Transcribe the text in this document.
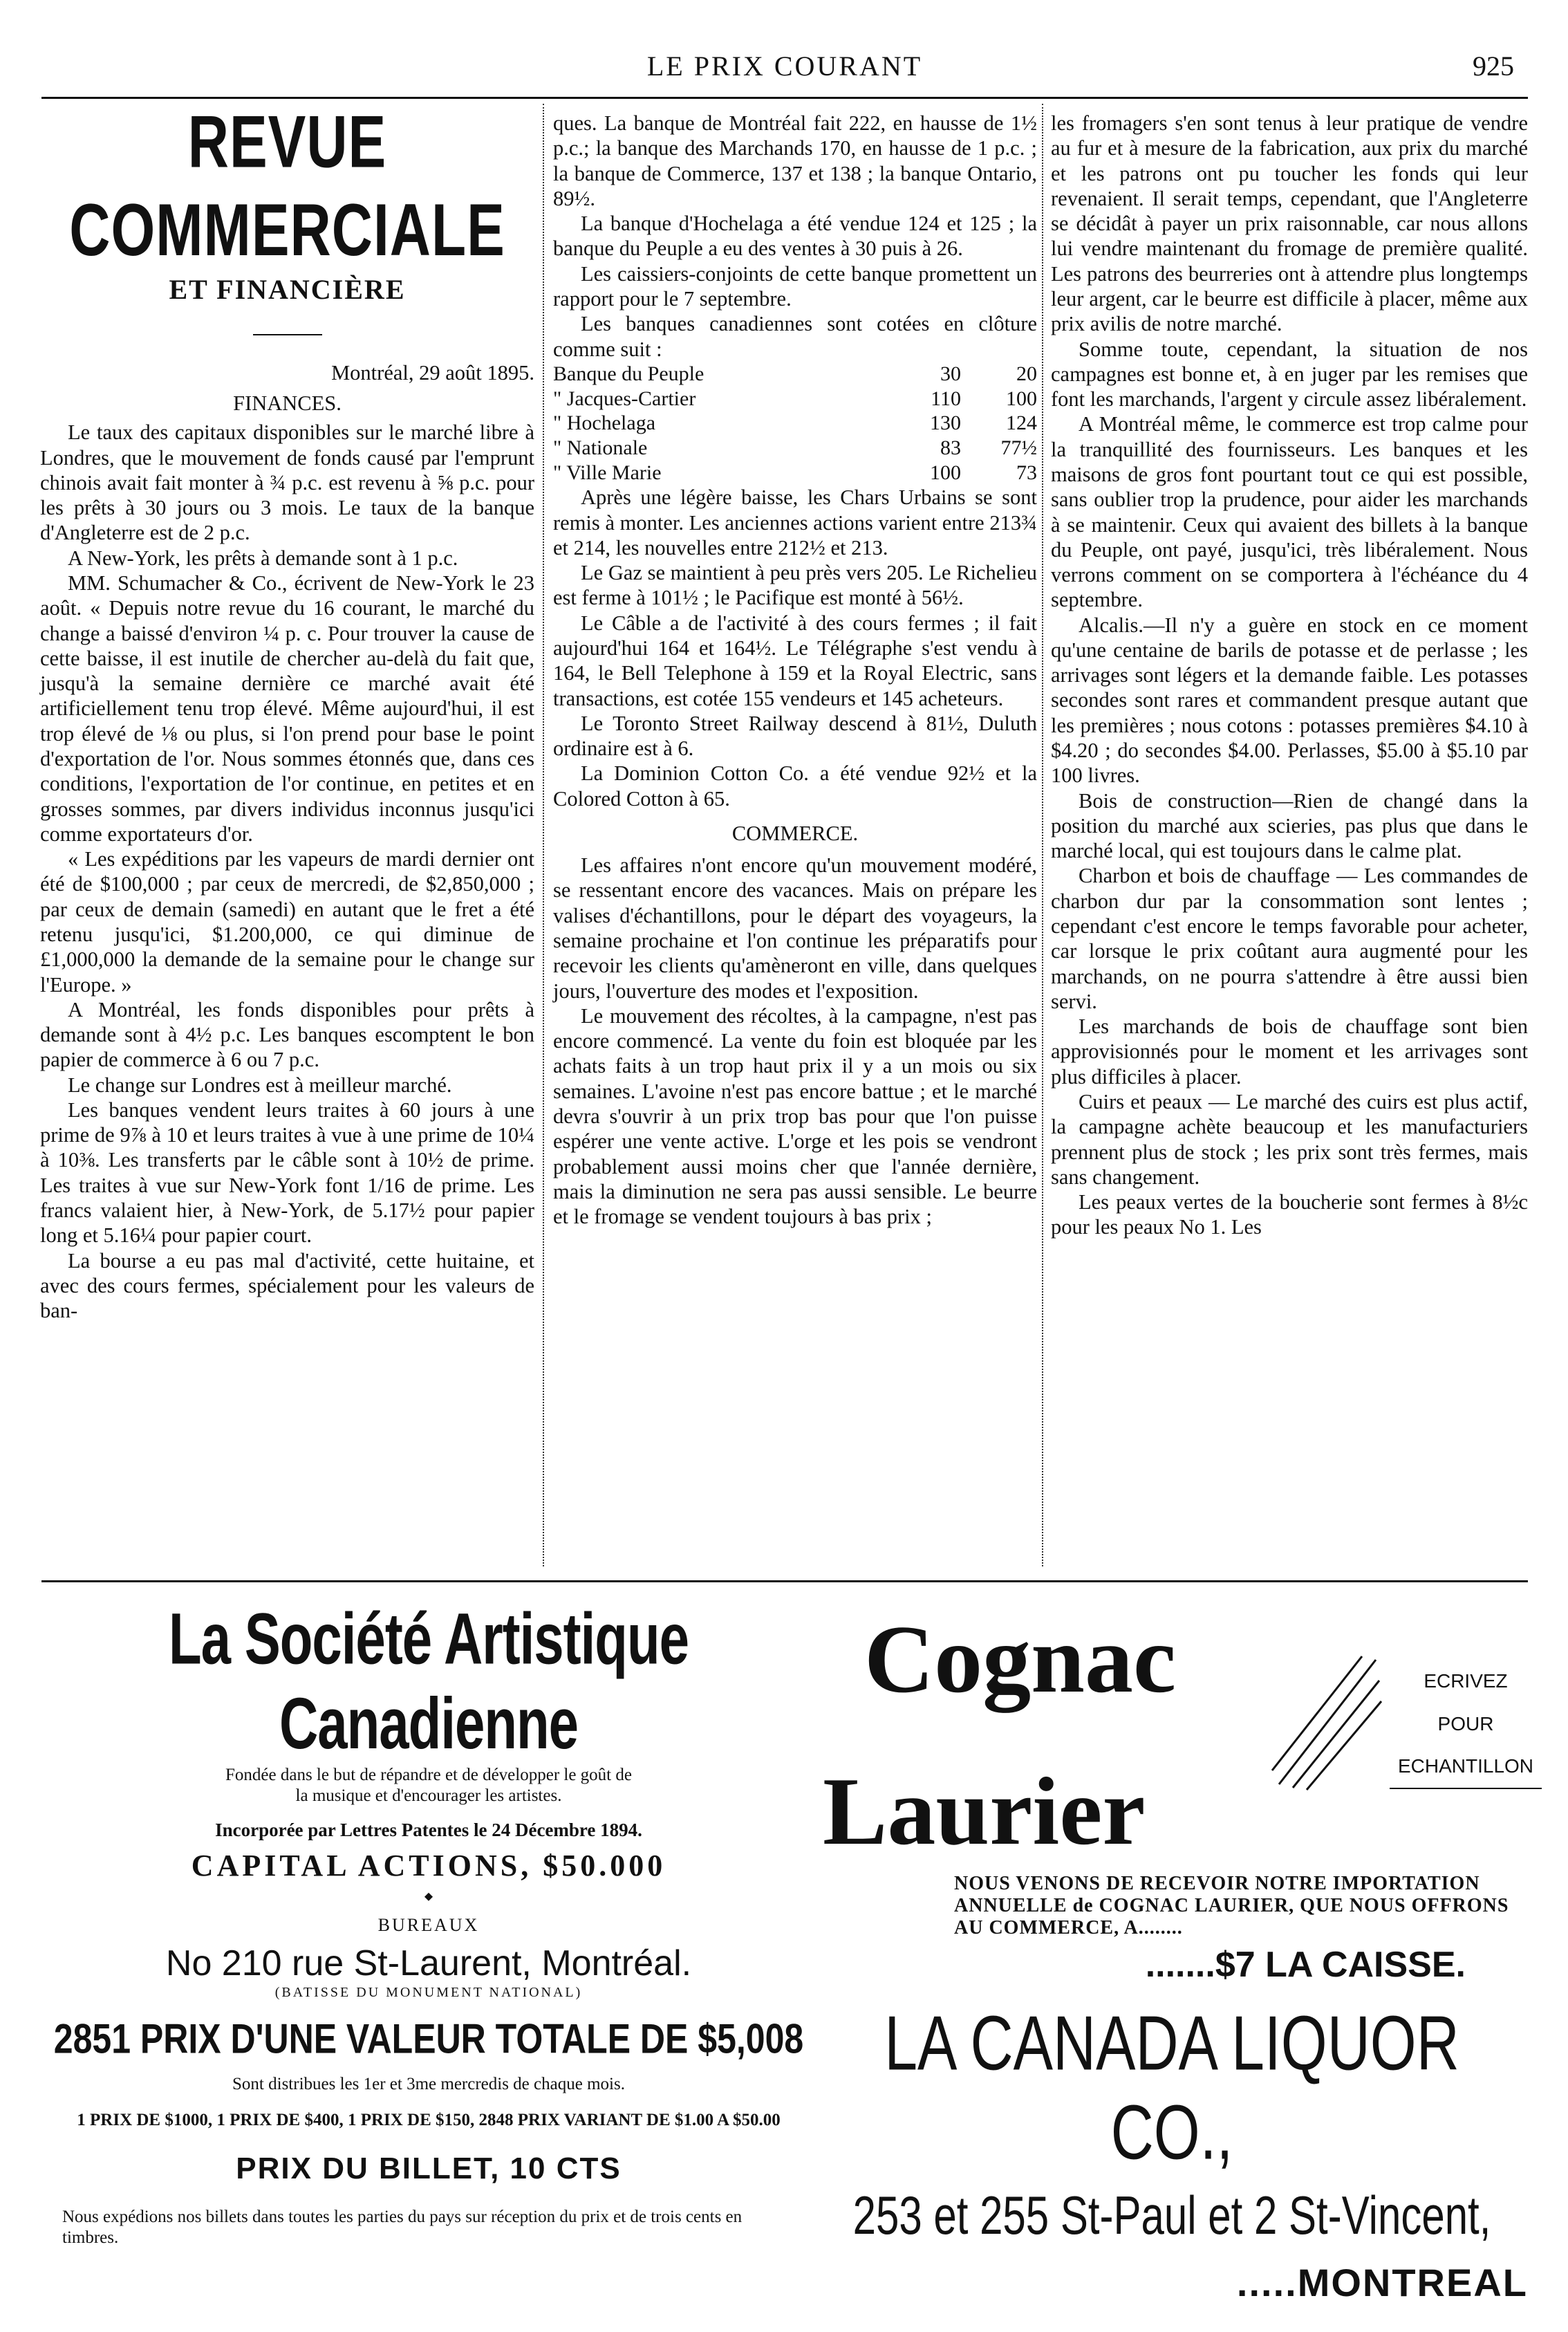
LE PRIX COURANT	925
REVUE COMMERCIALE
ET FINANCIÈRE
Montréal, 29 août 1895.
FINANCES.

Le taux des capitaux disponibles sur le marché libre à Londres, que le mouvement de fonds causé par l'emprunt chinois avait fait monter à ¾ p.c. est revenu à ⅝ p.c. pour les prêts à 30 jours ou 3 mois. Le taux de la banque d'Angleterre est de 2 p.c.

A New-York, les prêts à demande sont à 1 p.c.

MM. Schumacher & Co., écrivent de New-York le 23 août. « Depuis notre revue du 16 courant, le marché du change a baissé d'environ ¼ p. c. Pour trouver la cause de cette baisse, il est inutile de chercher au-delà du fait que, jusqu'à la semaine dernière ce marché avait été artificiellement tenu trop élevé. Même aujourd'hui, il est trop élevé de ⅛ ou plus, si l'on prend pour base le point d'exportation de l'or. Nous sommes étonnés que, dans ces conditions, l'exportation de l'or continue, en petites et en grosses sommes, par divers individus inconnus jusqu'ici comme exportateurs d'or.

« Les expéditions par les vapeurs de mardi dernier ont été de $100,000 ; par ceux de mercredi, de $2,850,000 ; par ceux de demain (samedi) en autant que le fret a été retenu jusqu'ici, $1.200,000, ce qui diminue de £1,000,000 la demande de la semaine pour le change sur l'Europe. »

A Montréal, les fonds disponibles pour prêts à demande sont à 4½ p.c. Les banques escomptent le bon papier de commerce à 6 ou 7 p.c.

Le change sur Londres est à meilleur marché.

Les banques vendent leurs traites à 60 jours à une prime de 9⅞ à 10 et leurs traites à vue à une prime de 10¼ à 10⅜. Les transferts par le câble sont à 10½ de prime. Les traites à vue sur New-York font 1/16 de prime. Les francs valaient hier, à New-York, de 5.17½ pour papier long et 5.16¼ pour papier court.

La bourse a eu pas mal d'activité, cette huitaine, et avec des cours fermes, spécialement pour les valeurs de ban-

ques. La banque de Montréal fait 222, en hausse de 1½ p.c.; la banque des Marchands 170, en hausse de 1 p.c. ; la banque de Commerce, 137 et 138 ; la banque Ontario, 89½.

La banque d'Hochelaga a été vendue 124 et 125 ; la banque du Peuple a eu des ventes à 30 puis à 26.

Les caissiers-conjoints de cette banque promettent un rapport pour le 7 septembre.

Les banques canadiennes sont cotées en clôture comme suit :

Banque du Peuple	30	20
" Jacques-Cartier	110	100
" Hochelaga	130	124
" Nationale	83	77½
" Ville Marie	100	73

Après une légère baisse, les Chars Urbains se sont remis à monter. Les anciennes actions varient entre 213¾ et 214, les nouvelles entre 212½ et 213.

Le Gaz se maintient à peu près vers 205. Le Richelieu est ferme à 101½ ; le Pacifique est monté à 56½.

Le Câble a de l'activité à des cours fermes ; il fait aujourd'hui 164 et 164½. Le Télégraphe s'est vendu à 164, le Bell Telephone à 159 et la Royal Electric, sans transactions, est cotée 155 vendeurs et 145 acheteurs.

Le Toronto Street Railway descend à 81½, Duluth ordinaire est à 6.

La Dominion Cotton Co. a été vendue 92½ et la Colored Cotton à 65.

COMMERCE.

Les affaires n'ont encore qu'un mouvement modéré, se ressentant encore des vacances. Mais on prépare les valises d'échantillons, pour le départ des voyageurs, la semaine prochaine et l'on continue les préparatifs pour recevoir les clients qu'amèneront en ville, dans quelques jours, l'ouverture des modes et l'exposition.

Le mouvement des récoltes, à la campagne, n'est pas encore commencé. La vente du foin est bloquée par les achats faits à un trop haut prix il y a un mois ou six semaines. L'avoine n'est pas encore battue ; et le marché devra s'ouvrir à un prix trop bas pour que l'on puisse espérer une vente active. L'orge et les pois se vendront probablement aussi moins cher que l'année dernière, mais la diminution ne sera pas aussi sensible. Le beurre et le fromage se vendent toujours à bas prix ;

les fromagers s'en sont tenus à leur pratique de vendre au fur et à mesure de la fabrication, aux prix du marché et les patrons ont pu toucher les fonds qui leur revenaient. Il serait temps, cependant, que l'Angleterre se décidât à payer un prix raisonnable, car nous allons lui vendre maintenant du fromage de première qualité. Les patrons des beurreries ont à attendre plus longtemps leur argent, car le beurre est difficile à placer, même aux prix avilis de notre marché.

Somme toute, cependant, la situation de nos campagnes est bonne et, à en juger par les remises que font les marchands, l'argent y circule assez libéralement.

A Montréal même, le commerce est trop calme pour la tranquillité des fournisseurs. Les banques et les maisons de gros font pourtant tout ce qui est possible, sans oublier trop la prudence, pour aider les marchands à se maintenir. Ceux qui avaient des billets à la banque du Peuple, ont payé, jusqu'ici, très libéralement. Nous verrons comment on se comportera à l'échéance du 4 septembre.

Alcalis.—Il n'y a guère en stock en ce moment qu'une centaine de barils de potasse et de perlasse ; les arrivages sont légers et la demande faible. Les potasses secondes sont rares et commandent presque autant que les premières ; nous cotons : potasses premières $4.10 à $4.20 ; do secondes $4.00. Perlasses, $5.00 à $5.10 par 100 livres.

Bois de construction—Rien de changé dans la position du marché aux scieries, pas plus que dans le marché local, qui est toujours dans le calme plat.

Charbon et bois de chauffage — Les commandes de charbon dur par la consommation sont lentes ; cependant c'est encore le temps favorable pour acheter, car lorsque le prix coûtant aura augmenté pour les marchands, on ne pourra s'attendre à être aussi bien servi.

Les marchands de bois de chauffage sont bien approvisionnés pour le moment et les arrivages sont plus difficiles à placer.

Cuirs et peaux — Le marché des cuirs est plus actif, la campagne achète beaucoup et les manufacturiers prennent plus de stock ; les prix sont très fermes, mais sans changement.

Les peaux vertes de la boucherie sont fermes à 8½c pour les peaux No 1. Les

La Société Artistique Canadienne
Fondée dans le but de répandre et de développer le goût de la musique et d'encourager les artistes.
Incorporée par Lettres Patentes le 24 Décembre 1894.
CAPITAL ACTIONS, $50.000
⬩
BUREAUX
No 210 rue St-Laurent, Montréal.
(BATISSE DU MONUMENT NATIONAL)
2851 PRIX D'UNE VALEUR TOTALE DE $5,008
Sont distribues les 1er et 3me mercredis de chaque mois.
1 PRIX DE $1000, 1 PRIX DE $400, 1 PRIX DE $150, 2848 PRIX VARIANT DE $1.00 A $50.00
PRIX DU BILLET, 10 CTS
Nous expédions nos billets dans toutes les parties du pays sur réception du prix et de trois cents en timbres.
Cognac	ECRIVEZ
POUR
ECHANTILLON
Laurier
NOUS VENONS DE RECEVOIR NOTRE IMPORTATION ANNUELLE de COGNAC LAURIER, QUE NOUS OFFRONS AU COMMERCE, A........
.......$7 LA CAISSE.
LA CANADA LIQUOR CO.,
253 et 255 St-Paul et 2 St-Vincent,
.....MONTREAL
